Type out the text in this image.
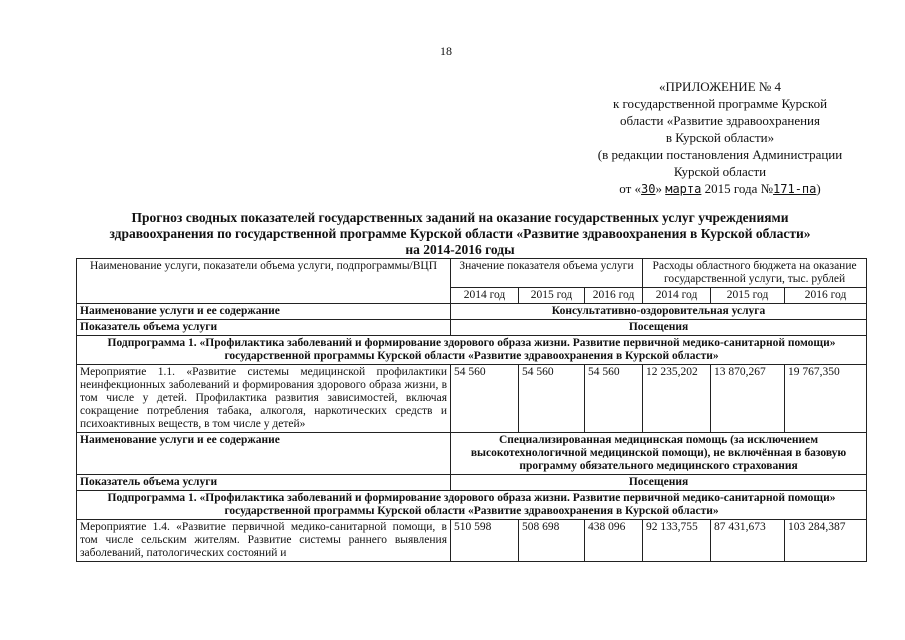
18
«ПРИЛОЖЕНИЕ № 4
к государственной программе Курской
области «Развитие здравоохранения
в Курской области»
(в редакции постановления Администрации
Курской области
от «30» марта 2015 года №171-па)
Прогноз сводных показателей государственных заданий на оказание государственных услуг учреждениями
здравоохранения по государственной программе Курской области «Развитие здравоохранения в Курской области»
на 2014-2016 годы
Наименование услуги, показатели объема услуги, подпрограммы/ВЦП	Значение показателя объема услуги			Расходы областного бюджета на оказание государственной услуги, тыс. рублей		
	2014 год	2015 год	2016 год	2014 год	2015 год	2016 год
Наименование услуги и ее содержание	Консультативно-оздоровительная услуга					
Показатель объема услуги	Посещения					
Подпрограмма 1. «Профилактика заболеваний и формирование здорового образа жизни. Развитие первичной медико-санитарной помощи» государственной программы Курской области «Развитие здравоохранения в Курской области»						
Мероприятие 1.1. «Развитие системы медицинской профилактики неинфекционных заболеваний и формирования здорового образа жизни, в том числе у детей. Профилактика развития зависимостей, включая сокращение потребления табака, алкоголя, наркотических средств и психоактивных веществ, в том числе у детей»	54 560	54 560	54 560	12 235,202	13 870,267	19 767,350
Наименование услуги и ее содержание	Специализированная медицинская помощь (за исключением высокотехнологичной медицинской помощи), не включённая в базовую программу обязательного медицинского страхования					
Показатель объема услуги	Посещения					
Подпрограмма 1. «Профилактика заболеваний и формирование здорового образа жизни. Развитие первичной медико-санитарной помощи» государственной программы Курской области «Развитие здравоохранения в Курской области»						
Мероприятие 1.4. «Развитие первичной медико-санитарной помощи, в том числе сельским жителям. Развитие системы раннего выявления заболеваний, патологических состояний и	510 598	508 698	438 096	92 133,755	87 431,673	103 284,387
